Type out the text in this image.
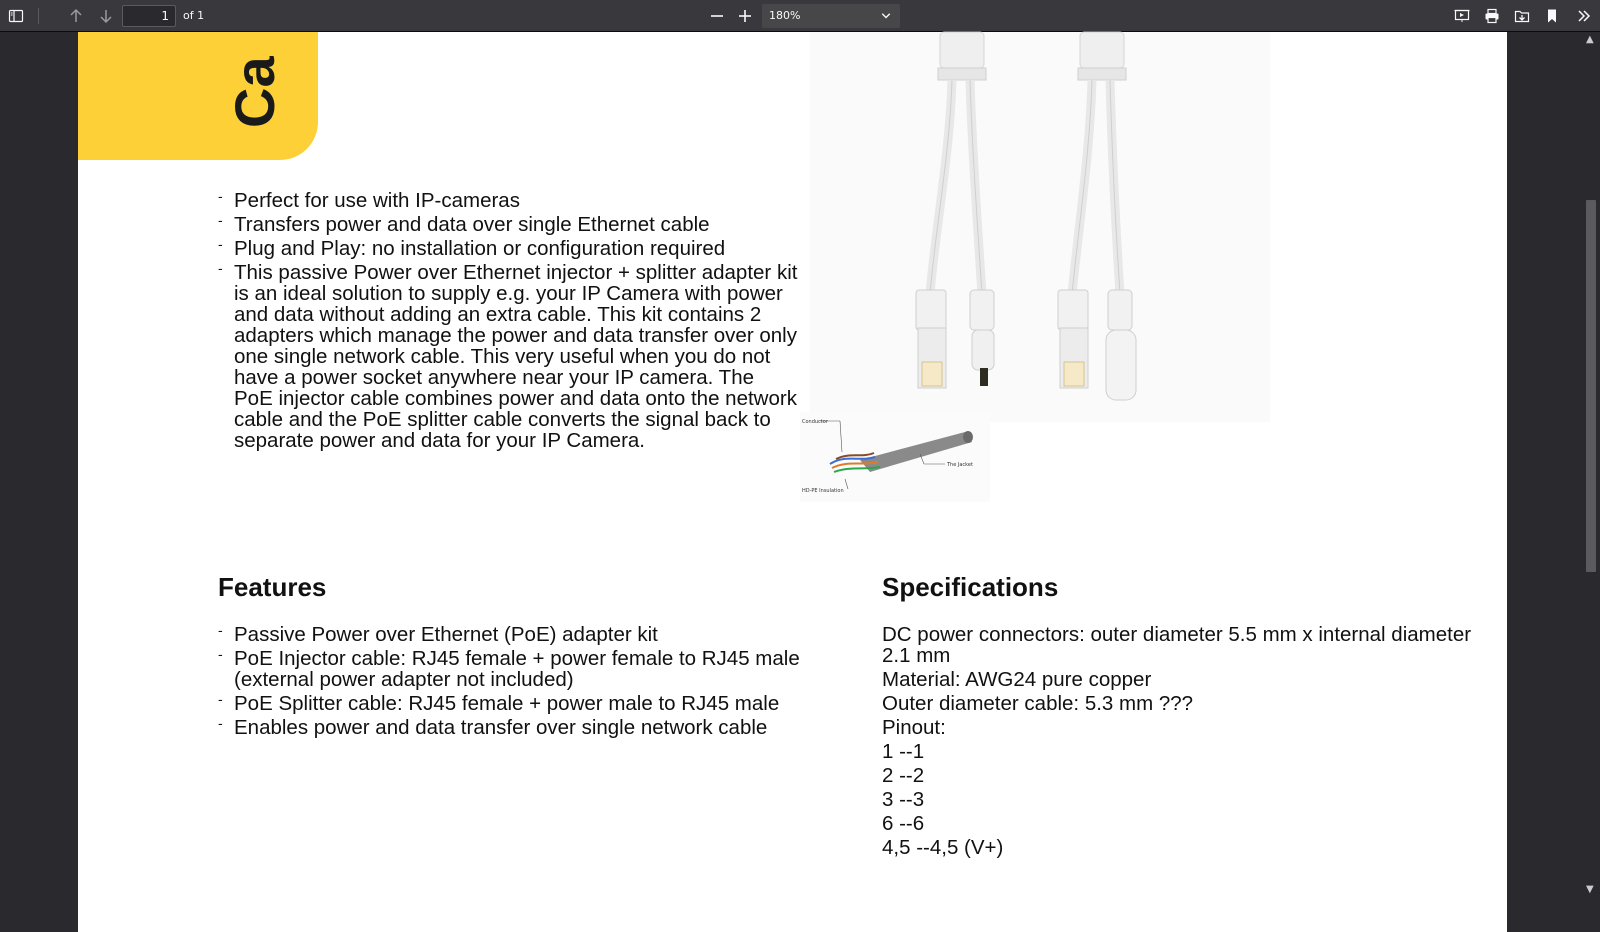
1
of 1	180%
Ca
- Perfect for use with IP-cameras
- Transfers power and data over single Ethernet cable
- Plug and Play: no installation or configuration required
- This passive Power over Ethernet injector + splitter adapter kit is an ideal solution to supply e.g. your IP Camera with power and data without adding an extra cable. This kit contains 2 adapters which manage the power and data transfer over only one single network cable. This very useful when you do not have a power socket anywhere near your IP camera. The PoE injector cable combines power and data onto the network cable and the PoE splitter cable converts the signal back to separate power and data for your IP Camera.
Conductor
The Jacket
HD-PE Insulation
Features
- Passive Power over Ethernet (PoE) adapter kit
- PoE Injector cable: RJ45 female + power female to RJ45 male (external power adapter not included)
- PoE Splitter cable: RJ45 female + power male to RJ45 male
- Enables power and data transfer over single network cable
Specifications
DC power connectors: outer diameter 5.5 mm x internal diameter 2.1 mm
Material: AWG24 pure copper
Outer diameter cable: 5.3 mm ???
Pinout:
1 --1
2 --2
3 --3
6 --6
4,5 --4,5 (V+)
▲
▼
